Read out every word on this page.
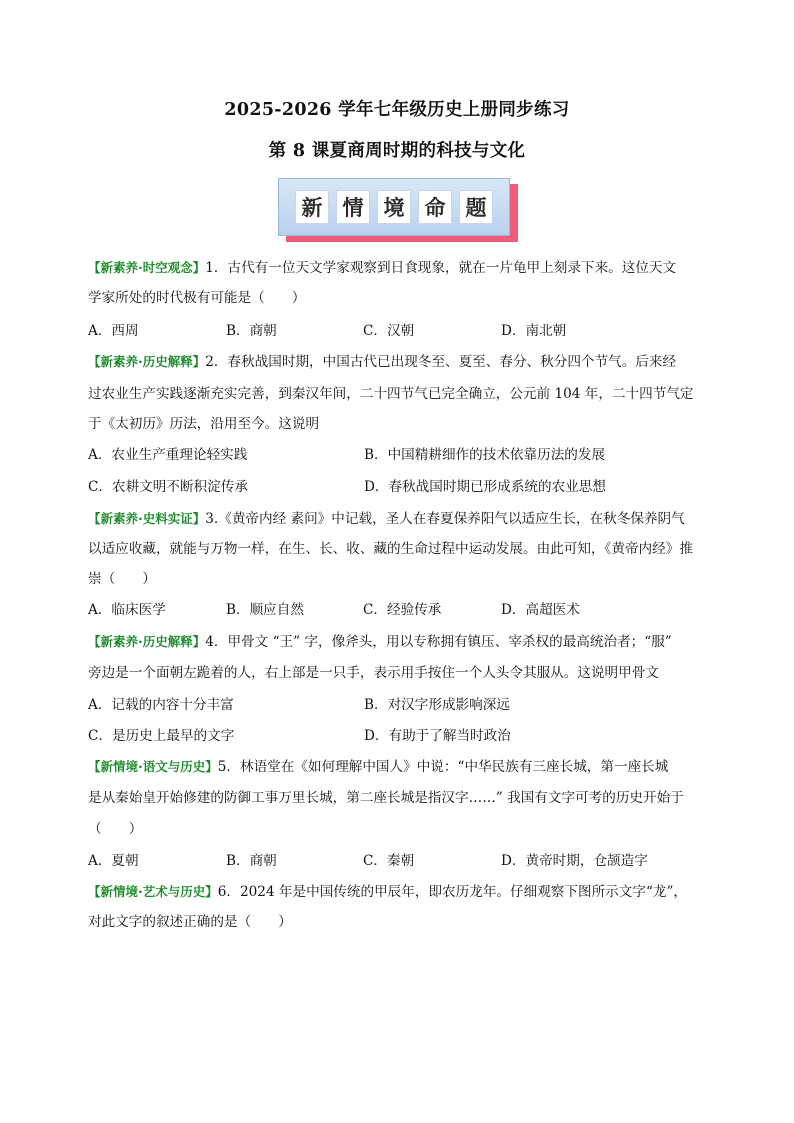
2025-2026 学年七年级历史上册同步练习
第 8 课夏商周时期的科技与文化
新 情 境 命 题
【新素养·时空观念】1．古代有一位天文学家观察到日食现象，就在一片龟甲上刻录下来。这位天文
学家所处的时代极有可能是（　　）
A．西周	B．商朝	C．汉朝	D．南北朝
【新素养·历史解释】2．春秋战国时期，中国古代已出现冬至、夏至、春分、秋分四个节气。后来经
过农业生产实践逐渐充实完善，到秦汉年间，二十四节气已完全确立，公元前 104 年，二十四节气定
于《太初历》历法，沿用至今。这说明
A．农业生产重理论轻实践	B．中国精耕细作的技术依靠历法的发展
C．农耕文明不断积淀传承	D．春秋战国时期已形成系统的农业思想
【新素养·史料实证】3.《黄帝内经 素问》中记载，圣人在春夏保养阳气以适应生长，在秋冬保养阴气
以适应收藏，就能与万物一样，在生、长、收、藏的生命过程中运动发展。由此可知，《黄帝内经》推
崇（　　）
A．临床医学	B．顺应自然	C．经验传承	D．高超医术
【新素养·历史解释】4．甲骨文 “王” 字，像斧头，用以专称拥有镇压、宰杀权的最高统治者；“服”
旁边是一个面朝左跪着的人，右上部是一只手，表示用手按住一个人头令其服从。这说明甲骨文
A．记载的内容十分丰富	B．对汉字形成影响深远
C．是历史上最早的文字	D．有助于了解当时政治
【新情境·语文与历史】5．林语堂在《如何理解中国人》中说：“中华民族有三座长城，第一座长城
是从秦始皇开始修建的防御工事万里长城，第二座长城是指汉字……” 我国有文字可考的历史开始于
（　　）
A．夏朝	B．商朝	C．秦朝	D．黄帝时期，仓颉造字
【新情境·艺术与历史】6．2024 年是中国传统的甲辰年，即农历龙年。仔细观察下图所示文字“龙”，
对此文字的叙述正确的是（　　）
